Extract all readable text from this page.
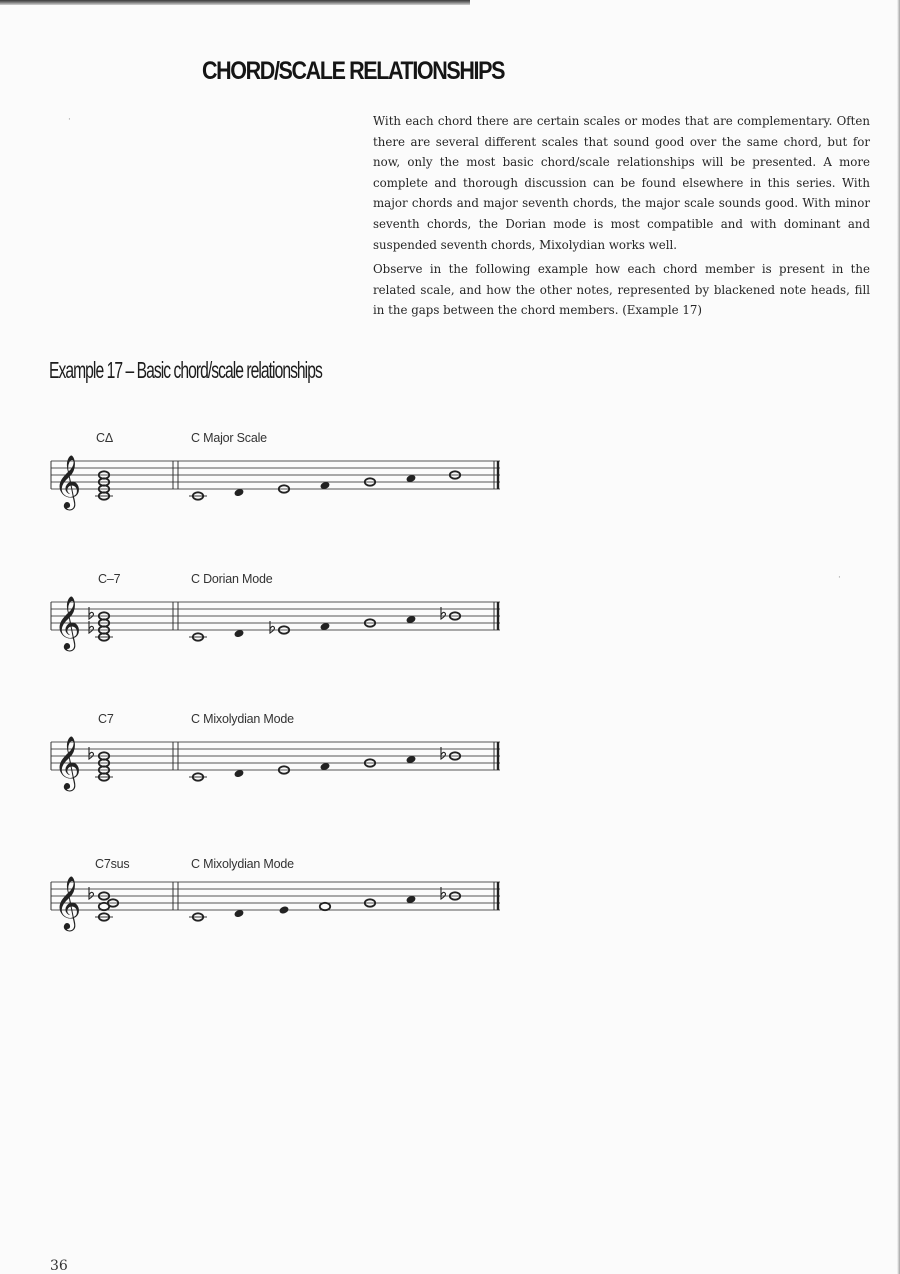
CHORD/SCALE RELATIONSHIPS
·
·

With each chord there are certain scales or modes that are complementary. Often there are several different scales that sound good over the same chord, but for now, only the most basic chord/scale relationships will be presented. A more complete and thorough discussion can be found elsewhere in this series. With major chords and major seventh chords, the major scale sounds good. With minor seventh chords, the Dorian mode is most compatible and with dominant and suspended seventh chords, Mixolydian works well.

Observe in the following example how each chord member is present in the related scale, and how the other notes, represented by blackened note heads, fill in the gaps between the chord members. (Example 17)

Example 17 – Basic chord/scale relationships
CΔ	C Major Scale
𝄞
C–7	C Dorian Mode
𝄞
C7	C Mixolydian Mode
𝄞
C7sus	C Mixolydian Mode
𝄞
36
